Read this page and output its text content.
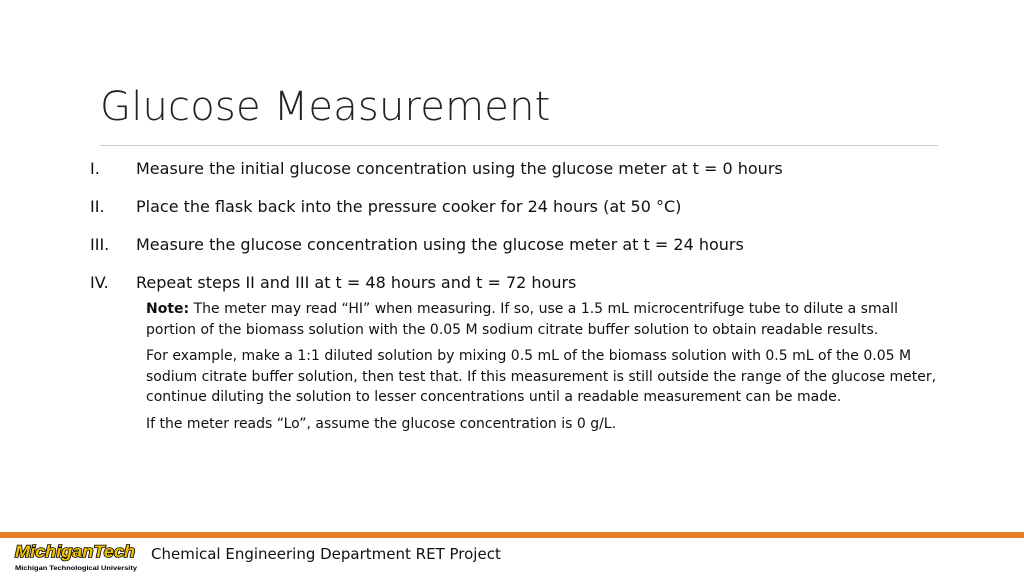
Glucose Measurement
I.	Measure the initial glucose concentration using the glucose meter at t = 0 hours
II.	Place the flask back into the pressure cooker for 24 hours (at 50 °C)
III.	Measure the glucose concentration using the glucose meter at t = 24 hours
IV.	Repeat steps II and III at t = 48 hours and t = 72 hours

Note: The meter may read “HI” when measuring. If so, use a 1.5 mL microcentrifuge tube to dilute a small portion of the biomass solution with the 0.05 M sodium citrate buffer solution to obtain readable results.

For example, make a 1:1 diluted solution by mixing 0.5 mL of the biomass solution with 0.5 mL of the 0.05 M sodium citrate buffer solution, then test that. If this measurement is still outside the range of the glucose meter, continue diluting the solution to lesser concentrations until a readable measurement can be made.

If the meter reads “Lo”, assume the glucose concentration is 0 g/L.

MichiganTech
Michigan Technological University
Chemical Engineering Department RET Project
